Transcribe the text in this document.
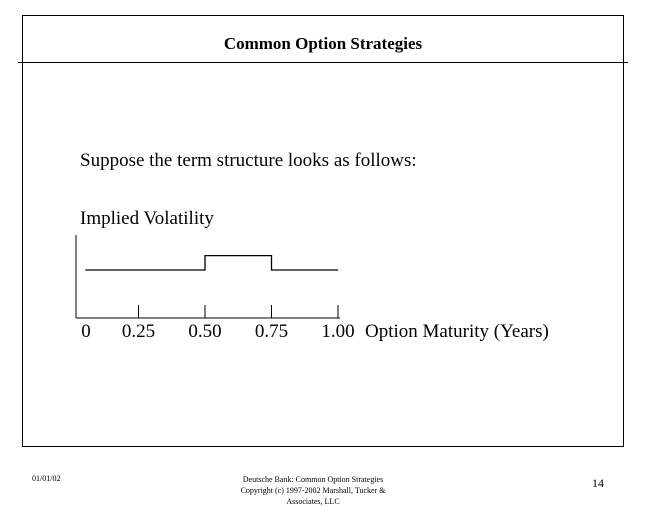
Common Option Strategies
Suppose the term structure looks as follows:
Implied Volatility
0 0.25 0.50 0.75 1.00 Option Maturity (Years)
01/01/02	Deutsche Bank: Common Option Strategies
Copyright (c) 1997-2002 Marshall, Tucker &
Associates, LLC
14
